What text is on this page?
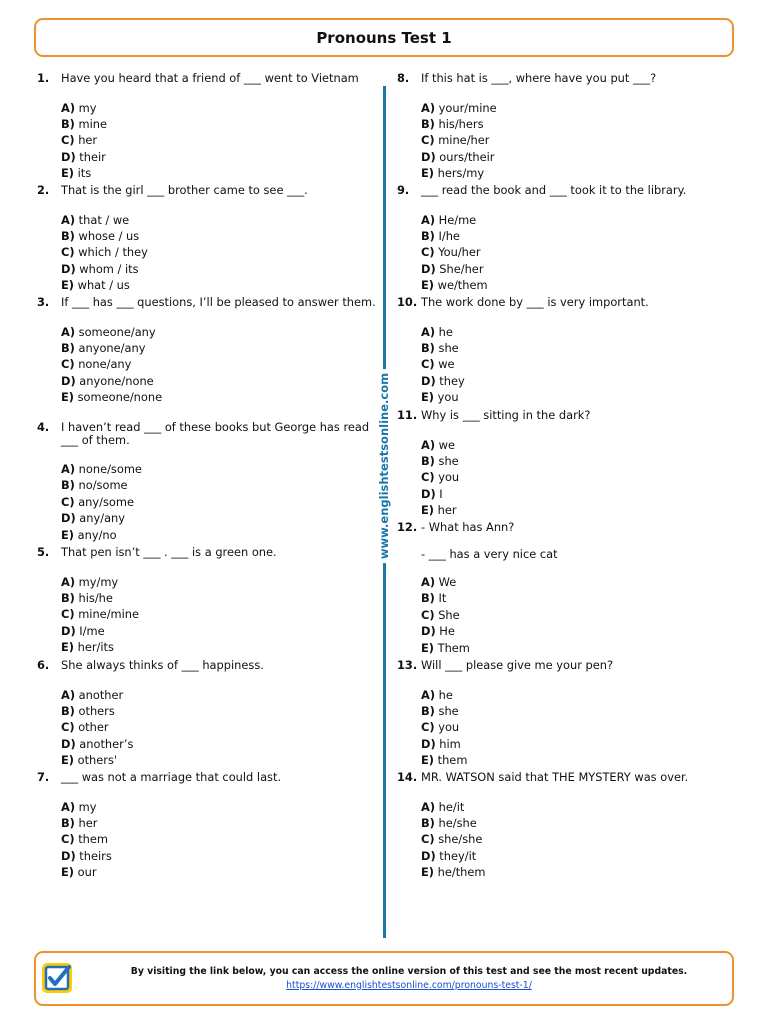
Pronouns Test 1
1.	Have you heard that a friend of ___ went to Vietnam
A) my
B) mine
C) her
D) their
E) its
2.	That is the girl ___ brother came to see ___.
A) that / we
B) whose / us
C) which / they
D) whom / its
E) what / us
3.	If ___ has ___ questions, I’ll be pleased to answer them.
A) someone/any
B) anyone/any
C) none/any
D) anyone/none
E) someone/none
4.	I haven’t read ___ of these books but George has read ___ of them.
A) none/some
B) no/some
C) any/some
D) any/any
E) any/no
5.	That pen isn’t ___ . ___ is a green one.
A) my/my
B) his/he
C) mine/mine
D) I/me
E) her/its
6.	She always thinks of ___ happiness.
A) another
B) others
C) other
D) another’s
E) others'
7.	___ was not a marriage that could last.
A) my
B) her
C) them
D) theirs
E) our
8.	If this hat is ___, where have you put ___?
A) your/mine
B) his/hers
C) mine/her
D) ours/their
E) hers/my
9.	___ read the book and ___ took it to the library.
A) He/me
B) I/he
C) You/her
D) She/her
E) we/them
10. The work done by ___ is very important.
A) he
B) she
C) we
D) they
E) you
11. Why is ___ sitting in the dark?
A) we
B) she
C) you
D) I
E) her
12. - What has Ann?
- ___ has a very nice cat
A) We
B) It
C) She
D) He
E) Them
13. Will ___ please give me your pen?
A) he
B) she
C) you
D) him
E) them
14. MR. WATSON said that THE MYSTERY was over.
A) he/it
B) he/she
C) she/she
D) they/it
E) he/them
www.englishtestsonline.com
By visiting the link below, you can access the online version of this test and see the most recent updates.
https://www.englishtestsonline.com/pronouns-test-1/
